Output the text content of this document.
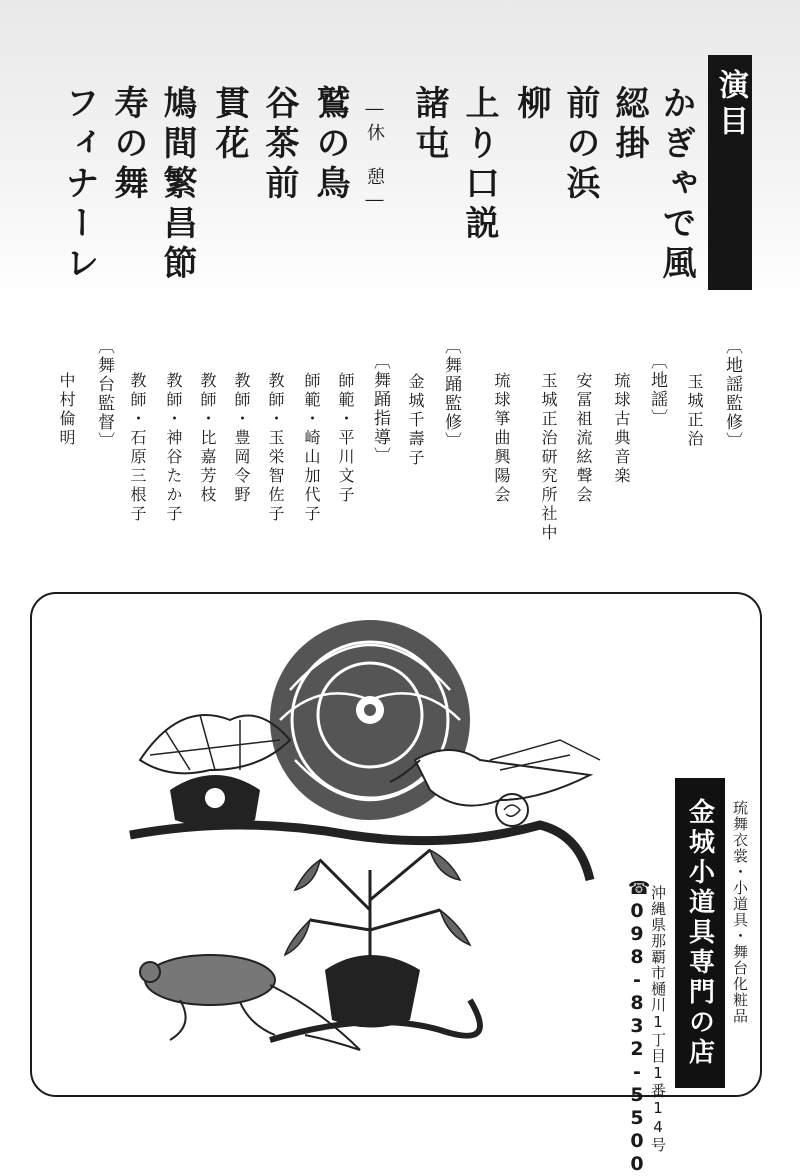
演目
かぎゃで風
綛掛
前の浜
柳
上り口説
諸屯
―休　憩―
鷲の鳥
谷茶前
貫花
鳩間繁昌節
寿の舞
フィナーレ
〔地謡監修〕
玉城正治
〔地謡〕
琉球古典音楽
安冨祖流絃聲会
玉城正治研究所社中
琉球箏曲興陽会
〔舞踊監修〕
金城千壽子
〔舞踊指導〕
師範・平川文子
師範・崎山加代子
教師・玉栄智佐子
教師・豊岡令野
教師・比嘉芳枝
教師・神谷たか子
教師・石原三根子
〔舞台監督〕
中村倫明
琉舞衣裳・小道具・舞台化粧品
金城小道具専門の店
沖縄県那覇市樋川1丁目1番14号
☎
098-832-5500
